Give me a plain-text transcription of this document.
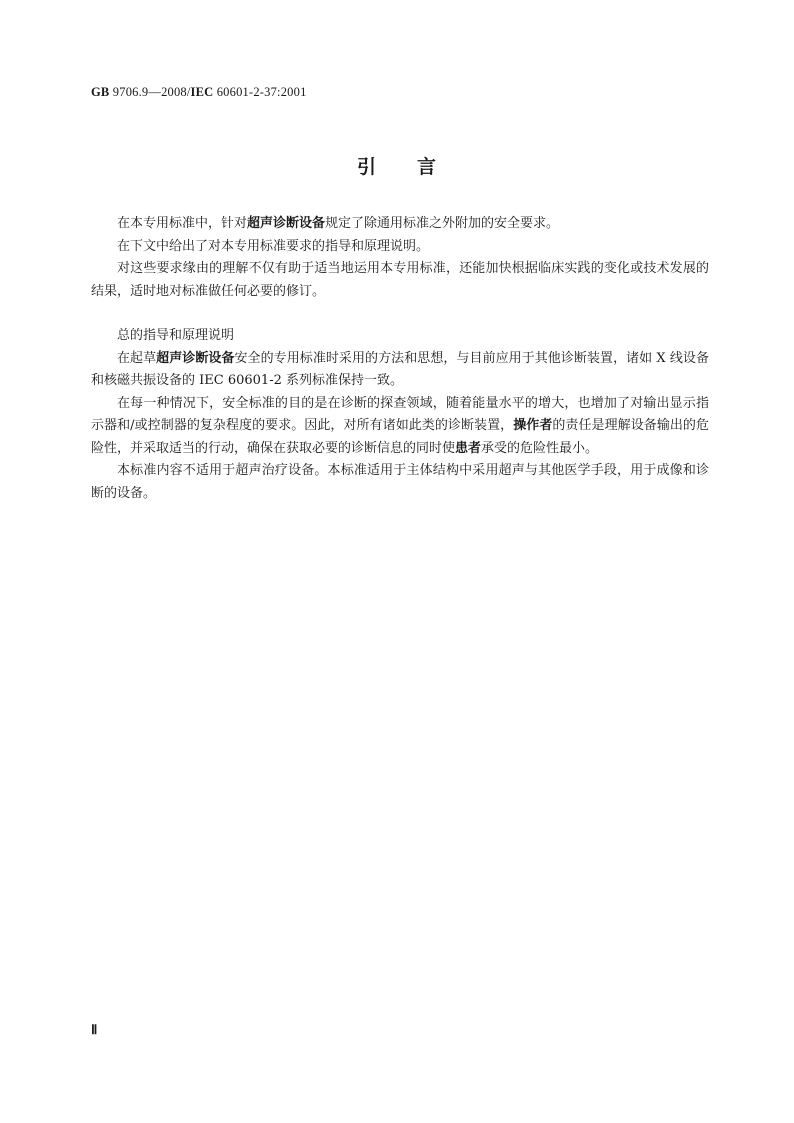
GB 9706.9—2008/IEC 60601-2-37:2001
引 言

在本专用标准中，针对超声诊断设备规定了除通用标准之外附加的安全要求。

在下文中给出了对本专用标准要求的指导和原理说明。

对这些要求缘由的理解不仅有助于适当地运用本专用标准，还能加快根据临床实践的变化或技术发展的结果，适时地对标准做任何必要的修订。

总的指导和原理说明

在起草超声诊断设备安全的专用标准时采用的方法和思想，与目前应用于其他诊断装置，诸如 X 线设备和核磁共振设备的 IEC 60601-2 系列标准保持一致。

在每一种情况下，安全标准的目的是在诊断的探查领域，随着能量水平的增大，也增加了对输出显示指示器和/或控制器的复杂程度的要求。因此，对所有诸如此类的诊断装置，操作者的责任是理解设备输出的危险性，并采取适当的行动，确保在获取必要的诊断信息的同时使患者承受的危险性最小。

本标准内容不适用于超声治疗设备。本标准适用于主体结构中采用超声与其他医学手段，用于成像和诊断的设备。

Ⅱ
